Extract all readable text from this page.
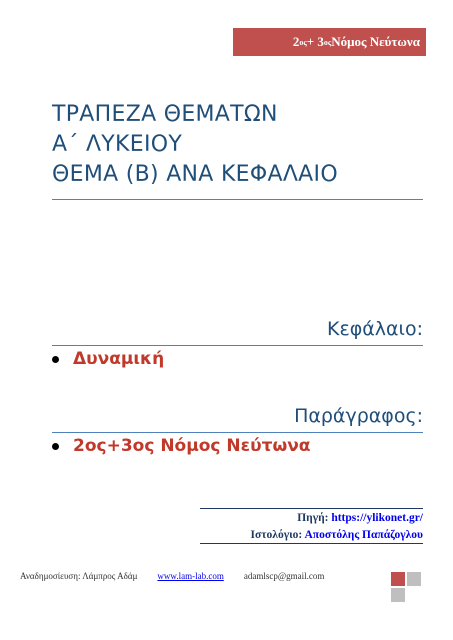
2 ος + 3 ος Νόμος Νεύτωνα
ΤΡΑΠΕΖΑ ΘΕΜΑΤΩΝ
Α΄ ΛΥΚΕΙΟΥ
ΘΕΜΑ (Β) ΑΝΑ ΚΕΦΑΛΑΙΟ
Κεφάλαιο:
Δυναμική
Παράγραφος:
2ος+3ος Νόμος Νεύτωνα
Πηγή: https://ylikonet.gr/
Ιστολόγιο: Αποστόλης Παπάζογλου
Αναδημοσίευση: Λάμπρος Αδάμ www.lam-lab.com adamlscp@gmail.com
